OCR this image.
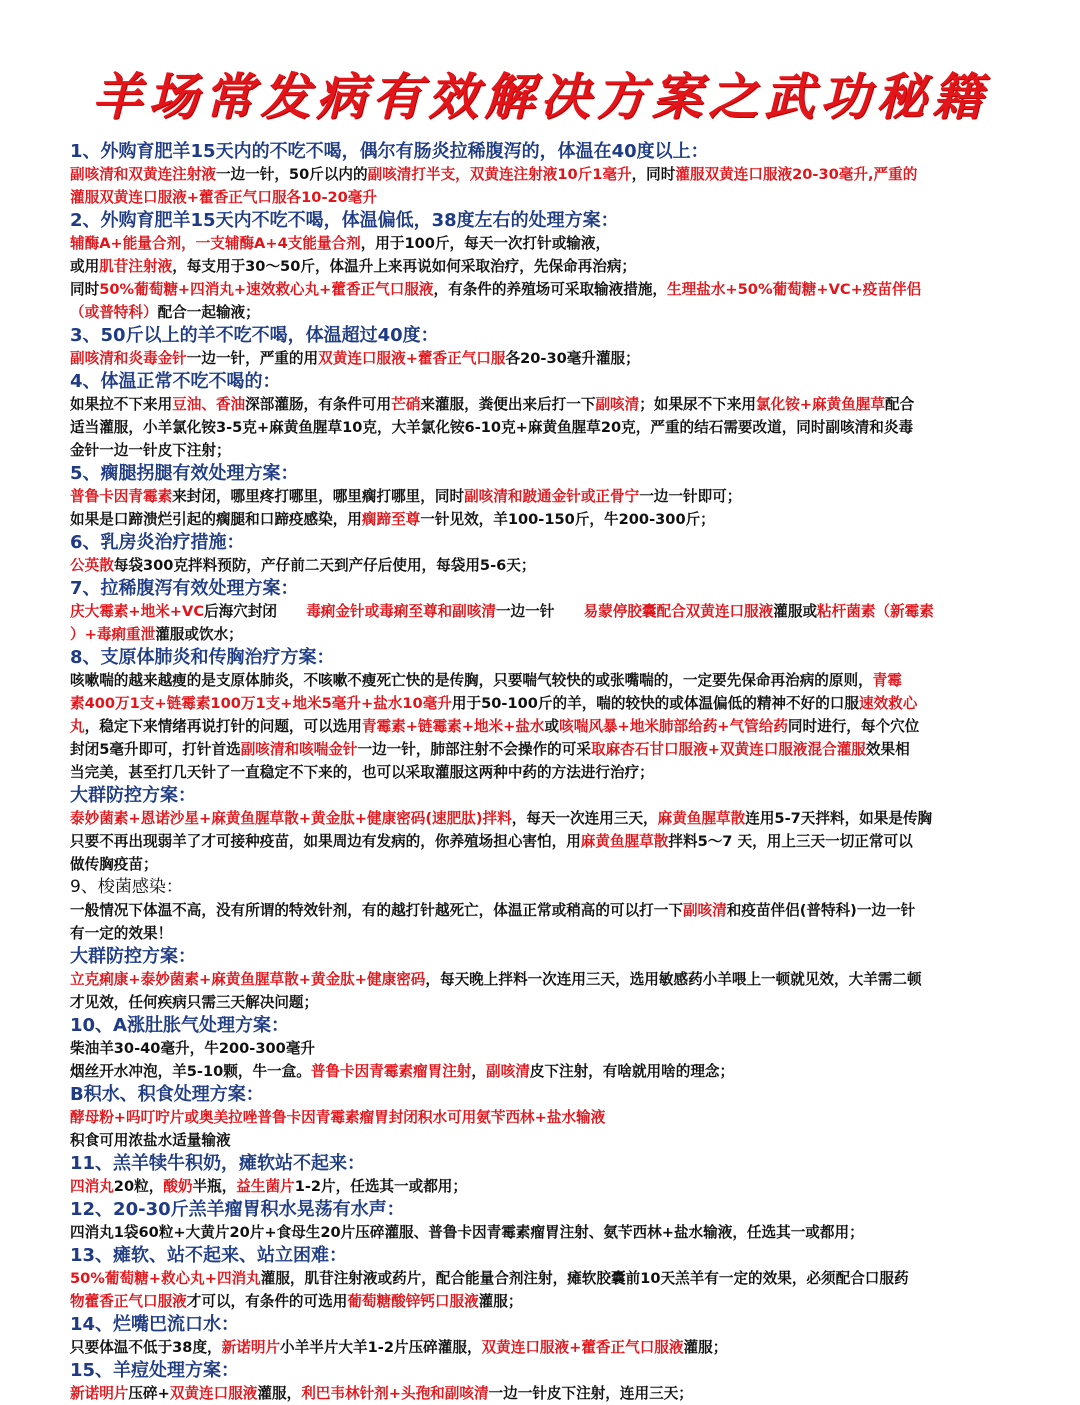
羊场常发病有效解决方案之武功秘籍
1、外购育肥羊15天内的不吃不喝，偶尔有肠炎拉稀腹泻的，体温在40度以上：
副咳清和双黄连注射液一边一针，50斤以内的副咳清打半支，双黄连注射液10斤1毫升，同时灌服双黄连口服液20-30毫升,严重的
灌服双黄连口服液+藿香正气口服各10-20毫升
2、外购育肥羊15天内不吃不喝，体温偏低，38度左右的处理方案：
辅酶A+能量合剂，一支辅酶A+4支能量合剂，用于100斤，每天一次打针或输液，
或用肌苷注射液，每支用于30～50斤，体温升上来再说如何采取治疗，先保命再治病；
同时50%葡萄糖+四消丸+速效救心丸+藿香正气口服液，有条件的养殖场可采取输液措施，生理盐水+50%葡萄糖+VC+疫苗伴侣
（或普特科）配合一起输液；
3、50斤以上的羊不吃不喝，体温超过40度：
副咳清和炎毒金针一边一针，严重的用双黄连口服液+藿香正气口服各20-30毫升灌服；
4、体温正常不吃不喝的：
如果拉不下来用豆油、香油深部灌肠，有条件可用芒硝来灌服，粪便出来后打一下副咳清；如果尿不下来用氯化铵+麻黄鱼腥草配合
适当灌服，小羊氯化铵3-5克+麻黄鱼腥草10克，大羊氯化铵6-10克+麻黄鱼腥草20克，严重的结石需要改道，同时副咳清和炎毒
金针一边一针皮下注射；
5、瘸腿拐腿有效处理方案：
普鲁卡因青霉素来封闭，哪里疼打哪里，哪里瘸打哪里，同时副咳清和跛通金针或正骨宁一边一针即可；
如果是口蹄溃烂引起的瘸腿和口蹄疫感染，用瘸蹄至尊一针见效，羊100-150斤，牛200-300斤；
6、乳房炎治疗措施：
公英散每袋300克拌料预防，产仔前二天到产仔后使用，每袋用5-6天；
7、拉稀腹泻有效处理方案：
庆大霉素+地米+VC后海穴封闭　　毒痢金针或毒痢至尊和副咳清一边一针　　易蒙停胶囊配合双黄连口服液灌服或粘杆菌素（新霉素
）+毒痢重泄灌服或饮水；
8、支原体肺炎和传胸治疗方案：
咳嗽喘的越来越瘦的是支原体肺炎，不咳嗽不瘦死亡快的是传胸，只要喘气较快的或张嘴喘的，一定要先保命再治病的原则，青霉
素400万1支+链霉素100万1支+地米5毫升+盐水10毫升用于50-100斤的羊，喘的较快的或体温偏低的精神不好的口服速效救心
丸，稳定下来情绪再说打针的问题，可以选用青霉素+链霉素+地米+盐水或咳喘风暴+地米肺部给药+气管给药同时进行，每个穴位
封闭5毫升即可，打针首选副咳清和咳喘金针一边一针，肺部注射不会操作的可采取麻杏石甘口服液+双黄连口服液混合灌服效果相
当完美，甚至打几天针了一直稳定不下来的，也可以采取灌服这两种中药的方法进行治疗；
大群防控方案：
泰妙菌素+恩诺沙星+麻黄鱼腥草散+黄金肽+健康密码(速肥肽)拌料，每天一次连用三天，麻黄鱼腥草散连用5-7天拌料，如果是传胸
只要不再出现弱羊了才可接种疫苗，如果周边有发病的，你养殖场担心害怕，用麻黄鱼腥草散拌料5～7 天，用上三天一切正常可以
做传胸疫苗；
9、梭菌感染：
一般情况下体温不高，没有所谓的特效针剂，有的越打针越死亡，体温正常或稍高的可以打一下副咳清和疫苗伴侣(普特科)一边一针
有一定的效果！
大群防控方案：
立克痢康+泰妙菌素+麻黄鱼腥草散+黄金肽+健康密码，每天晚上拌料一次连用三天，选用敏感药小羊喂上一顿就见效，大羊需二顿
才见效，任何疾病只需三天解决问题；
10、A涨肚胀气处理方案：
柴油羊30-40毫升，牛200-300毫升
烟丝开水冲泡，羊5-10颗，牛一盒。普鲁卡因青霉素瘤胃注射，副咳清皮下注射，有啥就用啥的理念；
B积水、积食处理方案：
酵母粉+吗叮咛片或奥美拉唑普鲁卡因青霉素瘤胃封闭积水可用氨苄西林+盐水输液
积食可用浓盐水适量输液
11、羔羊犊牛积奶，瘫软站不起来：
四消丸20粒，酸奶半瓶，益生菌片1-2片，任选其一或都用；
12、20-30斤羔羊瘤胃积水晃荡有水声：
四消丸1袋60粒+大黄片20片+食母生20片压碎灌服、普鲁卡因青霉素瘤胃注射、氨苄西林+盐水输液，任选其一或都用；
13、瘫软、站不起来、站立困难：
50%葡萄糖+救心丸+四消丸灌服，肌苷注射液或药片，配合能量合剂注射，瘫软胶囊前10天羔羊有一定的效果，必须配合口服药
物藿香正气口服液才可以，有条件的可选用葡萄糖酸锌钙口服液灌服；
14、烂嘴巴流口水：
只要体温不低于38度，新诺明片小羊半片大羊1-2片压碎灌服，双黄连口服液+藿香正气口服液灌服；
15、羊痘处理方案：
新诺明片压碎+双黄连口服液灌服，利巴韦林针剂+头孢和副咳清一边一针皮下注射，连用三天；
